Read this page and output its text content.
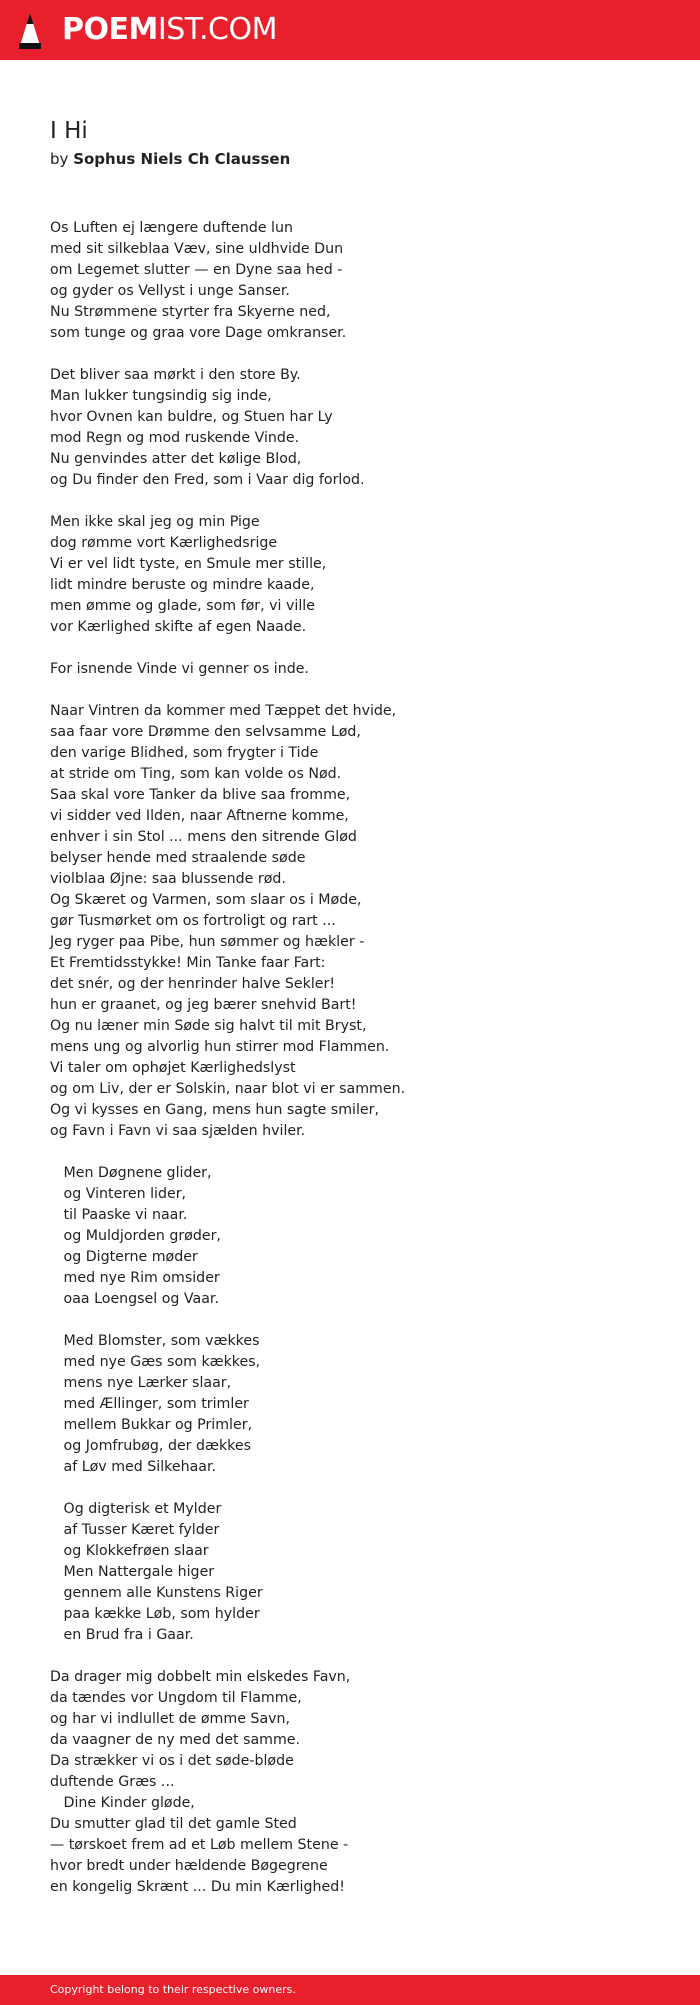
POEMIST.COM
I Hi
by Sophus Niels Ch Claussen
Os Luften ej længere duftende lun
med sit silkeblaa Væv, sine uldhvide Dun
om Legemet slutter — en Dyne saa hed -
og gyder os Vellyst i unge Sanser.
Nu Strømmene styrter fra Skyerne ned,
som tunge og graa vore Dage omkranser.

Det bliver saa mørkt i den store By.
Man lukker tungsindig sig inde,
hvor Ovnen kan buldre, og Stuen har Ly
mod Regn og mod ruskende Vinde.
Nu genvindes atter det kølige Blod,
og Du finder den Fred, som i Vaar dig forlod.

Men ikke skal jeg og min Pige
dog rømme vort Kærlighedsrige
Vi er vel lidt tyste, en Smule mer stille,
lidt mindre beruste og mindre kaade,
men ømme og glade, som før, vi ville
vor Kærlighed skifte af egen Naade.

For isnende Vinde vi genner os inde.

Naar Vintren da kommer med Tæppet det hvide,
saa faar vore Drømme den selvsamme Lød,
den varige Blidhed, som frygter i Tide
at stride om Ting, som kan volde os Nød.
Saa skal vore Tanker da blive saa fromme,
vi sidder ved Ilden, naar Aftnerne komme,
enhver i sin Stol ... mens den sitrende Glød
belyser hende med straalende søde
violblaa Øjne: saa blussende rød.
Og Skæret og Varmen, som slaar os i Møde,
gør Tusmørket om os fortroligt og rart ...
Jeg ryger paa Pibe, hun sømmer og hækler -
Et Fremtidsstykke! Min Tanke faar Fart:
det snér, og der henrinder halve Sekler!
hun er graanet, og jeg bærer snehvid Bart!
Og nu læner min Søde sig halvt til mit Bryst,
mens ung og alvorlig hun stirrer mod Flammen.
Vi taler om ophøjet Kærlighedslyst
og om Liv, der er Solskin, naar blot vi er sammen.
Og vi kysses en Gang, mens hun sagte smiler,
og Favn i Favn vi saa sjælden hviler.

Men Døgnene glider,
og Vinteren lider,
til Paaske vi naar.
og Muldjorden grøder,
og Digterne møder
med nye Rim omsider
oaa Loengsel og Vaar.

Med Blomster, som vækkes
med nye Gæs som kækkes,
mens nye Lærker slaar,
med Ællinger, som trimler
mellem Bukkar og Primler,
og Jomfrubøg, der dækkes
af Løv med Silkehaar.

Og digterisk et Mylder
af Tusser Kæret fylder
og Klokkefrøen slaar
Men Nattergale higer
gennem alle Kunstens Riger
paa kække Løb, som hylder
en Brud fra i Gaar.

Da drager mig dobbelt min elskedes Favn,
da tændes vor Ungdom til Flamme,
og har vi indlullet de ømme Savn,
da vaagner de ny med det samme.
Da strækker vi os i det søde-bløde
duftende Græs ...
Dine Kinder gløde,
Du smutter glad til det gamle Sted
— tørskoet frem ad et Løb mellem Stene -
hvor bredt under hældende Bøgegrene
en kongelig Skrænt ... Du min Kærlighed!
Copyright belong to their respective owners.
